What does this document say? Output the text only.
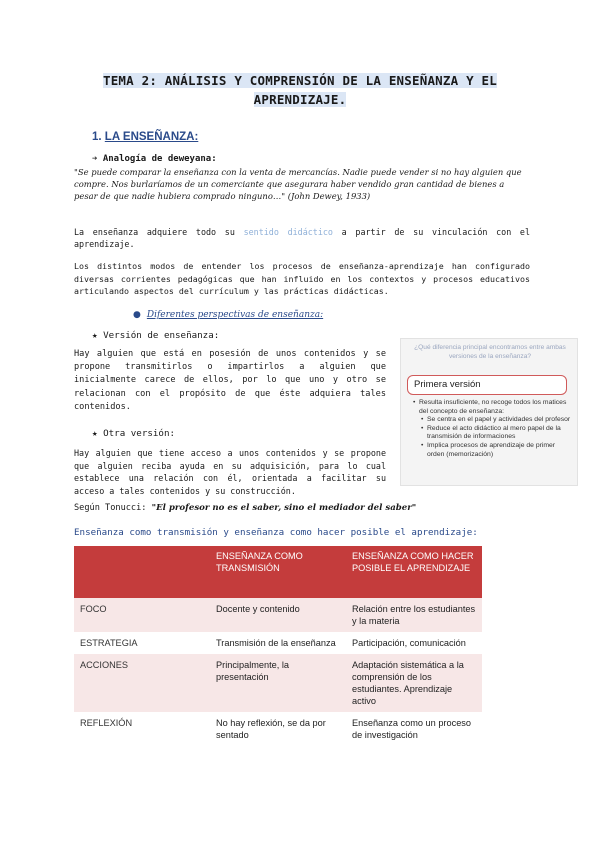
TEMA 2: ANÁLISIS Y COMPRENSIÓN DE LA ENSEÑANZA Y EL
APRENDIZAJE.
1. LA ENSEÑANZA:
➔ Analogía de deweyana:
"Se puede comparar la enseñanza con la venta de mercancías. Nadie puede vender si no hay alguien que compre. Nos burlaríamos de un comerciante que asegurara haber vendido gran cantidad de bienes a pesar de que nadie hubiera comprado ninguno…" (John Dewey, 1933)
La enseñanza adquiere todo su sentido didáctico a partir de su vinculación con el aprendizaje.
Los distintos modos de entender los procesos de enseñanza-aprendizaje han configurado diversas corrientes pedagógicas que han influido en los contextos y procesos educativos articulando aspectos del currículum y las prácticas didácticas.
● Diferentes perspectivas de enseñanza:
★ Versión de enseñanza:
Hay alguien que está en posesión de unos contenidos y se propone transmitirlos o impartirlos a alguien que inicialmente carece de ellos, por lo que uno y otro se relacionan con el propósito de que éste adquiera tales contenidos.
★ Otra versión:
Hay alguien que tiene acceso a unos contenidos y se propone que alguien reciba ayuda en su adquisición, para lo cual establece una relación con él, orientada a facilitar su acceso a tales contenidos y su construcción.
Según Tonucci: "El profesor no es el saber, sino el mediador del saber"
Enseñanza como transmisión y enseñanza como hacer posible el aprendizaje:
¿Qué diferencia principal encontramos entre ambas versiones de la enseñanza?
Primera versión
• Resulta insuficiente, no recoge todos los matices del concepto de enseñanza:
• Se centra en el papel y actividades del profesor
• Reduce el acto didáctico al mero papel de la transmisión de informaciones
• Implica procesos de aprendizaje de primer orden (memorización)
	ENSEÑANZA COMO TRANSMISIÓN	ENSEÑANZA COMO HACER POSIBLE EL APRENDIZAJE
FOCO	Docente y contenido	Relación entre los estudiantes y la materia
ESTRATEGIA	Transmisión de la enseñanza	Participación, comunicación
ACCIONES	Principalmente, la presentación	Adaptación sistemática a la comprensión de los estudiantes. Aprendizaje activo
REFLEXIÓN	No hay reflexión, se da por sentado	Enseñanza como un proceso de investigación
